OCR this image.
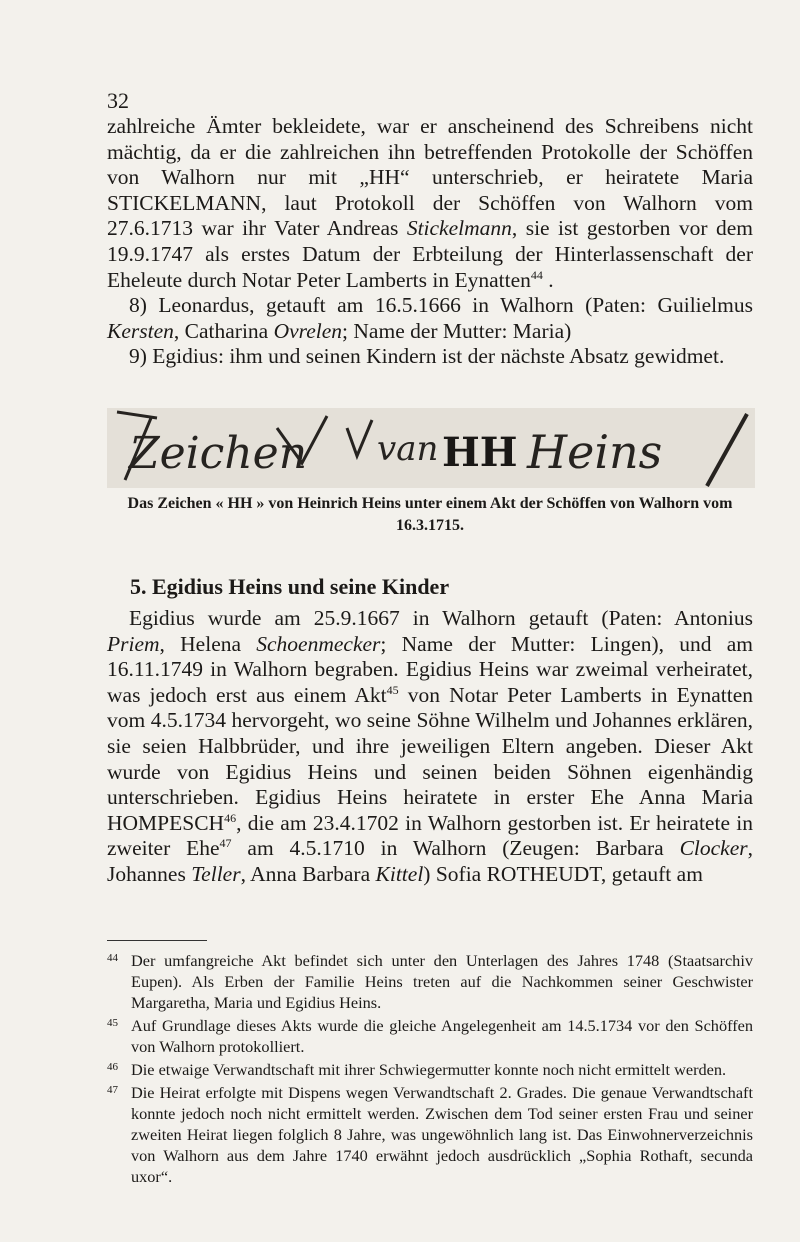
32

zahlreiche Ämter bekleidete, war er anscheinend des Schreibens nicht mächtig, da er die zahlreichen ihn betreffenden Protokolle der Schöffen von Walhorn nur mit „HH“ unterschrieb, er heiratete Maria STICKELMANN, laut Protokoll der Schöffen von Walhorn vom 27.6.1713 war ihr Vater Andreas Stickelmann, sie ist gestorben vor dem 19.9.1747 als erstes Datum der Erbteilung der Hinterlassenschaft der Eheleute durch Notar Peter Lamberts in Eynatten$^{44}$ .

8) Leonardus, getauft am 16.5.1666 in Walhorn (Paten: Guilielmus Kersten, Catharina Ovrelen; Name der Mutter: Maria)

9) Egidius: ihm und seinen Kindern ist der nächste Absatz gewidmet.

Zeichen van HH Heins
Das Zeichen « HH » von Heinrich Heins unter einem Akt der Schöffen von Walhorn vom 16.3.1715.
5. Egidius Heins und seine Kinder

Egidius wurde am 25.9.1667 in Walhorn getauft (Paten: Antonius Priem, Helena Schoenmecker; Name der Mutter: Lingen), und am 16.11.1749 in Walhorn begraben. Egidius Heins war zweimal verheiratet, was jedoch erst aus einem Akt$^{45}$ von Notar Peter Lamberts in Eynatten vom 4.5.1734 hervorgeht, wo seine Söhne Wilhelm und Johannes erklären, sie seien Halbbrüder, und ihre jeweiligen Eltern angeben. Dieser Akt wurde von Egidius Heins und seinen beiden Söhnen eigenhändig unterschrieben. Egidius Heins heiratete in erster Ehe Anna Maria HOMPESCH$^{46}$, die am 23.4.1702 in Walhorn gestorben ist. Er heiratete in zweiter Ehe$^{47}$ am 4.5.1710 in Walhorn (Zeugen: Barbara Clocker, Johannes Teller, Anna Barbara Kittel) Sofia ROTHEUDT, getauft am

44 Der umfangreiche Akt befindet sich unter den Unterlagen des Jahres 1748 (Staatsarchiv Eupen). Als Erben der Familie Heins treten auf die Nachkommen seiner Geschwister Margaretha, Maria und Egidius Heins.
45 Auf Grundlage dieses Akts wurde die gleiche Angelegenheit am 14.5.1734 vor den Schöffen von Walhorn protokolliert.
46 Die etwaige Verwandtschaft mit ihrer Schwiegermutter konnte noch nicht ermittelt werden.
47 Die Heirat erfolgte mit Dispens wegen Verwandtschaft 2. Grades. Die genaue Verwandtschaft konnte jedoch noch nicht ermittelt werden. Zwischen dem Tod seiner ersten Frau und seiner zweiten Heirat liegen folglich 8 Jahre, was ungewöhnlich lang ist. Das Einwohnerverzeichnis von Walhorn aus dem Jahre 1740 erwähnt jedoch ausdrücklich „Sophia Rothaft, secunda uxor“.
